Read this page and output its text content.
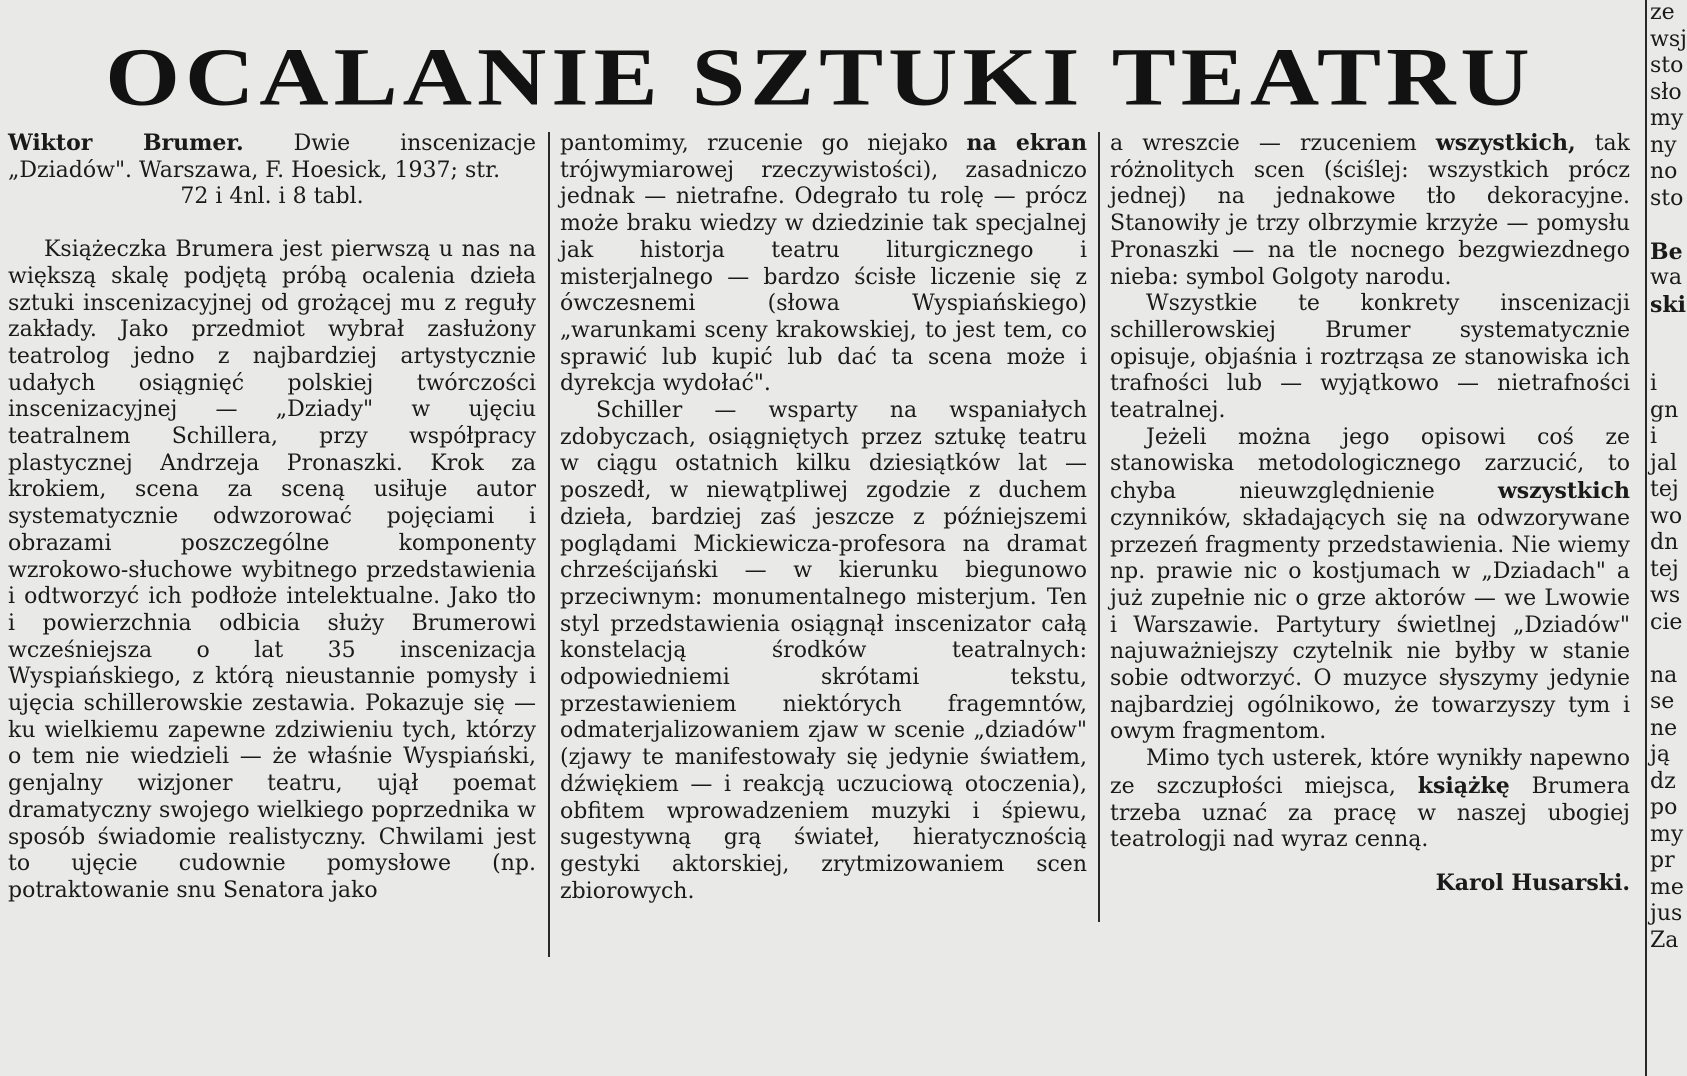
OCALANIE SZTUKI TEATRU

Wiktor Brumer. Dwie inscenizacje „Dziadów". Warszawa, F. Hoesick, 1937; str.
72 i 4nl. i 8 tabl.

Książeczka Brumera jest pierwszą u nas na większą skalę podjętą próbą ocalenia dzieła sztuki inscenizacyjnej od grożącej mu z reguły zakłady. Jako przedmiot wybrał zasłużony teatrolog jedno z najbardziej artystycznie udałych osiągnięć polskiej twórczości inscenizacyjnej — „Dziady" w ujęciu teatralnem Schillera, przy współpracy plastycznej Andrzeja Pronaszki. Krok za krokiem, scena za sceną usiłuje autor systematycznie odwzorować pojęciami i obrazami poszczególne komponenty wzrokowo-słuchowe wybitnego przedstawienia i odtworzyć ich podłoże intelektualne. Jako tło i powierzchnia odbicia służy Brumerowi wcześniejsza o lat 35 inscenizacja Wyspiańskiego, z którą nieustannie pomysły i ujęcia schillerowskie zestawia. Pokazuje się — ku wielkiemu zapewne zdziwieniu tych, którzy o tem nie wiedzieli — że właśnie Wyspiański, genjalny wizjoner teatru, ujął poemat dramatyczny swojego wielkiego poprzednika w sposób świadomie realistyczny. Chwilami jest to ujęcie cudownie pomysłowe (np. potraktowanie snu Senatora jako

pantomimy, rzucenie go niejako na ekran trójwymiarowej rzeczywistości), zasadniczo jednak — nietrafne. Odegrało tu rolę — prócz może braku wiedzy w dziedzinie tak specjalnej jak historja teatru liturgicznego i misterjalnego — bardzo ścisłe liczenie się z ówczesnemi (słowa Wyspiańskiego) „warunkami sceny krakowskiej, to jest tem, co sprawić lub kupić lub dać ta scena może i dyrekcja wydołać".

Schiller — wsparty na wspaniałych zdobyczach, osiągniętych przez sztukę teatru w ciągu ostatnich kilku dziesiątków lat — poszedł, w niewątpliwej zgodzie z duchem dzieła, bardziej zaś jeszcze z późniejszemi poglądami Mickiewicza-profesora na dramat chrześcijański — w kierunku biegunowo przeciwnym: monumentalnego misterjum. Ten styl przedstawienia osiągnął inscenizator całą konstelacją środków teatralnych: odpowiedniemi skrótami tekstu, przestawieniem niektórych fragemntów, odmaterjalizowaniem zjaw w scenie „dziadów" (zjawy te manifestowały się jedynie światłem, dźwiękiem — i reakcją uczuciową otoczenia), obfitem wprowadzeniem muzyki i śpiewu, sugestywną grą świateł, hieratycznością gestyki aktorskiej, zrytmizowaniem scen zbiorowych.

a wreszcie — rzuceniem wszystkich, tak różnolitych scen (ściślej: wszystkich prócz jednej) na jednakowe tło dekoracyjne. Stanowiły je trzy olbrzymie krzyże — pomysłu Pronaszki — na tle nocnego bezgwiezdnego nieba: symbol Golgoty narodu.

Wszystkie te konkrety inscenizacji schillerowskiej Brumer systematycznie opisuje, objaśnia i roztrząsa ze stanowiska ich trafności lub — wyjątkowo — nietrafności teatralnej.

Jeżeli można jego opisowi coś ze stanowiska metodologicznego zarzucić, to chyba nieuwzględnienie wszystkich czynników, składających się na odwzorywane przezeń fragmenty przedstawienia. Nie wiemy np. prawie nic o kostjumach w „Dziadach" a już zupełnie nic o grze aktorów — we Lwowie i Warszawie. Partytury świetlnej „Dziadów" najuważniejszy czytelnik nie byłby w stanie sobie odtworzyć. O muzyce słyszymy jedynie najbardziej ogólnikowo, że towarzyszy tym i owym fragmentom.

Mimo tych usterek, które wynikły napewno ze szczupłości miejsca, książkę Brumera trzeba uznać za pracę w naszej ubogiej teatrologji nad wyraz cenną.

Karol Husarski.
ze
wsj
sto
sło
my
ny
no
sto
Be
wa
ski
i
gn
i
jal
tej
wo
dn
tej
ws
cie
na
se
ne
ją
dz
po
my
pr
me
jus
Za
